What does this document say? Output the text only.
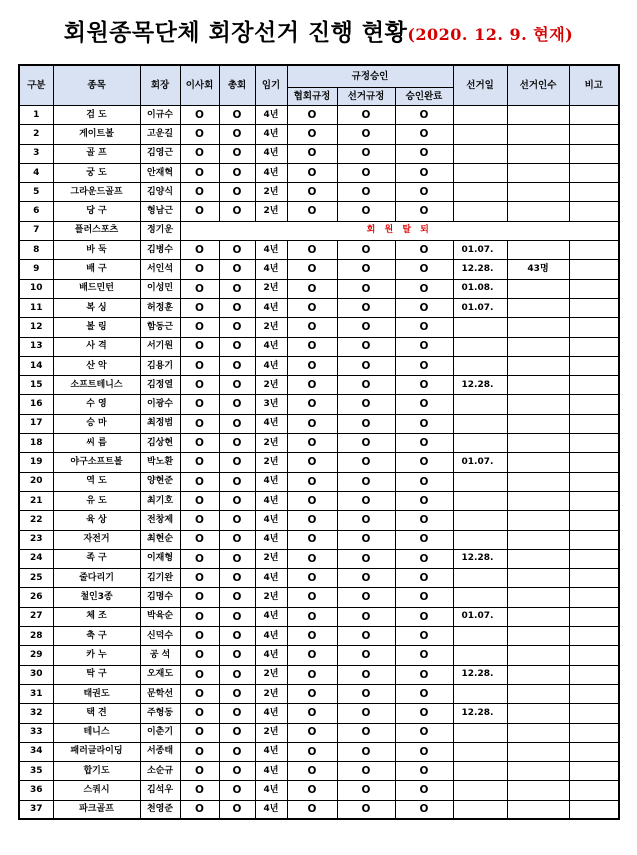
회원종목단체 회장선거 진행 현황(2020. 12. 9. 현재)
구분	종목	회장	이사회	총회	임기	규정승인			선거일	선거인수	비고
						협회규정	선거규정	승인완료			
1	검 도	이규수	O	O	4년	O	O	O			
2	게이트볼	고운길	O	O	4년	O	O	O			
3	골 프	김영근	O	O	4년	O	O	O			
4	궁 도	안재혁	O	O	4년	O	O	O			
5	그라운드골프	김양식	O	O	2년	O	O	O			
6	당 구	형남근	O	O	2년	O	O	O			
7	플러스포츠	정기운	회 원 탈 퇴								
8	바 둑	김병수	O	O	4년	O	O	O	01.07.		
9	배 구	서인석	O	O	4년	O	O	O	12.28.	43명	
10	배드민턴	이성민	O	O	2년	O	O	O	01.08.		
11	복 싱	허정훈	O	O	4년	O	O	O	01.07.		
12	볼 링	함동근	O	O	2년	O	O	O			
13	사 격	서기원	O	O	4년	O	O	O			
14	산 악	김용기	O	O	4년	O	O	O			
15	소프트테니스	김정열	O	O	2년	O	O	O	12.28.		
16	수 영	이광수	O	O	3년	O	O	O			
17	승 마	최정범	O	O	4년	O	O	O			
18	씨 름	김상현	O	O	2년	O	O	O			
19	야구소프트볼	박노환	O	O	2년	O	O	O	01.07.		
20	역 도	양현준	O	O	4년	O	O	O			
21	유 도	최기호	O	O	4년	O	O	O			
22	육 상	전창제	O	O	4년	O	O	O			
23	자전거	최현순	O	O	4년	O	O	O			
24	족 구	이재형	O	O	2년	O	O	O	12.28.		
25	줄다리기	김기완	O	O	4년	O	O	O			
26	철인3종	김명수	O	O	2년	O	O	O			
27	체 조	박육순	O	O	4년	O	O	O	01.07.		
28	축 구	신덕수	O	O	4년	O	O	O			
29	카 누	공 석	O	O	4년	O	O	O			
30	탁 구	오재도	O	O	2년	O	O	O	12.28.		
31	태권도	문학선	O	O	2년	O	O	O			
32	택 견	주형동	O	O	4년	O	O	O	12.28.		
33	테니스	이춘기	O	O	2년	O	O	O			
34	패러글라이딩	서종태	O	O	4년	O	O	O			
35	합기도	소순규	O	O	4년	O	O	O			
36	스쿼시	김석우	O	O	4년	O	O	O			
37	파크골프	천영준	O	O	4년	O	O	O			
